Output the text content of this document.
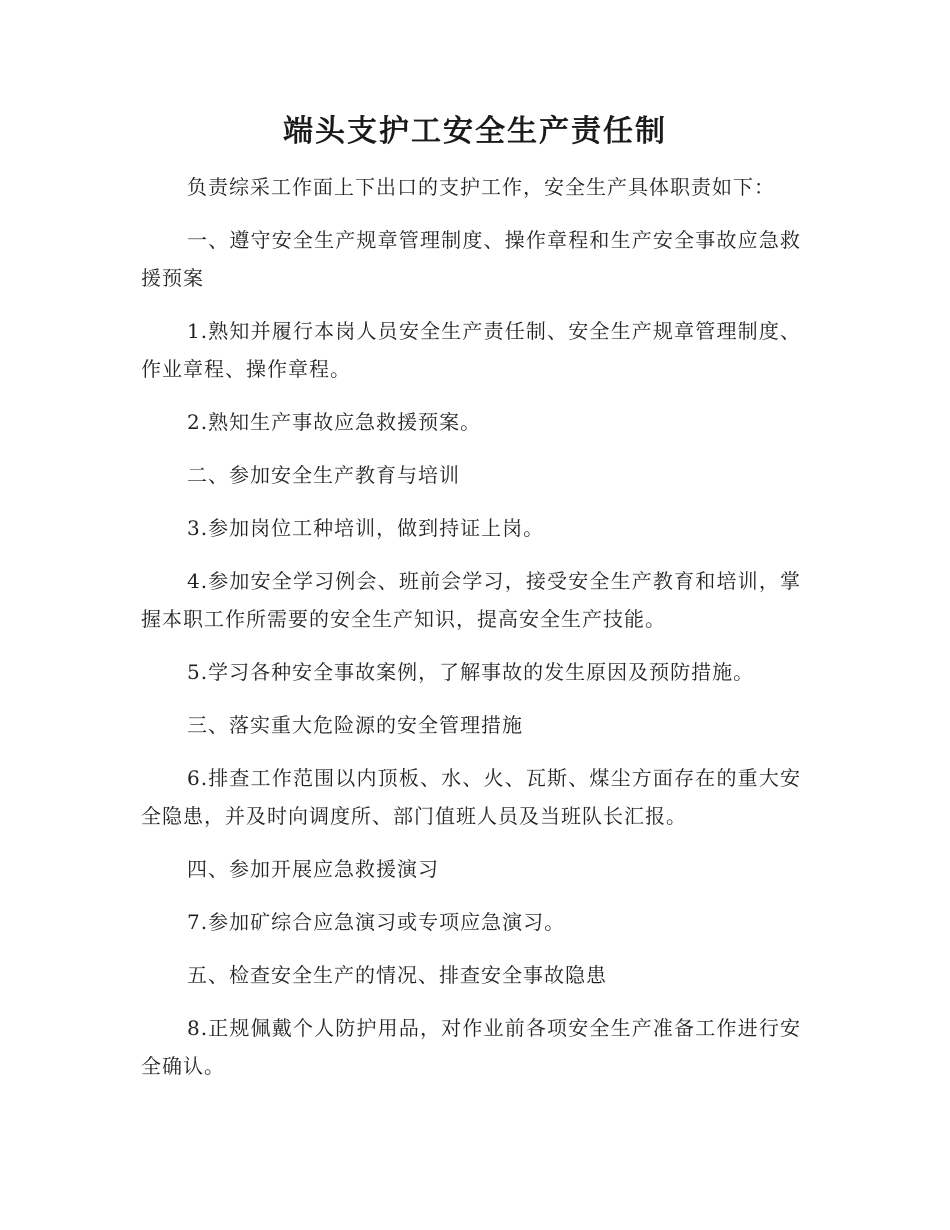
端头支护工安全生产责任制

负责综采工作面上下出口的支护工作，安全生产具体职责如下：

一、遵守安全生产规章管理制度、操作章程和生产安全事故应急救援预案

1.熟知并履行本岗人员安全生产责任制、安全生产规章管理制度、作业章程、操作章程。

2.熟知生产事故应急救援预案。

二、参加安全生产教育与培训

3.参加岗位工种培训，做到持证上岗。

4.参加安全学习例会、班前会学习，接受安全生产教育和培训，掌握本职工作所需要的安全生产知识，提高安全生产技能。

5.学习各种安全事故案例，了解事故的发生原因及预防措施。

三、落实重大危险源的安全管理措施

6.排查工作范围以内顶板、水、火、瓦斯、煤尘方面存在的重大安全隐患，并及时向调度所、部门值班人员及当班队长汇报。

四、参加开展应急救援演习

7.参加矿综合应急演习或专项应急演习。

五、检查安全生产的情况、排查安全事故隐患

8.正规佩戴个人防护用品，对作业前各项安全生产准备工作进行安全确认。
